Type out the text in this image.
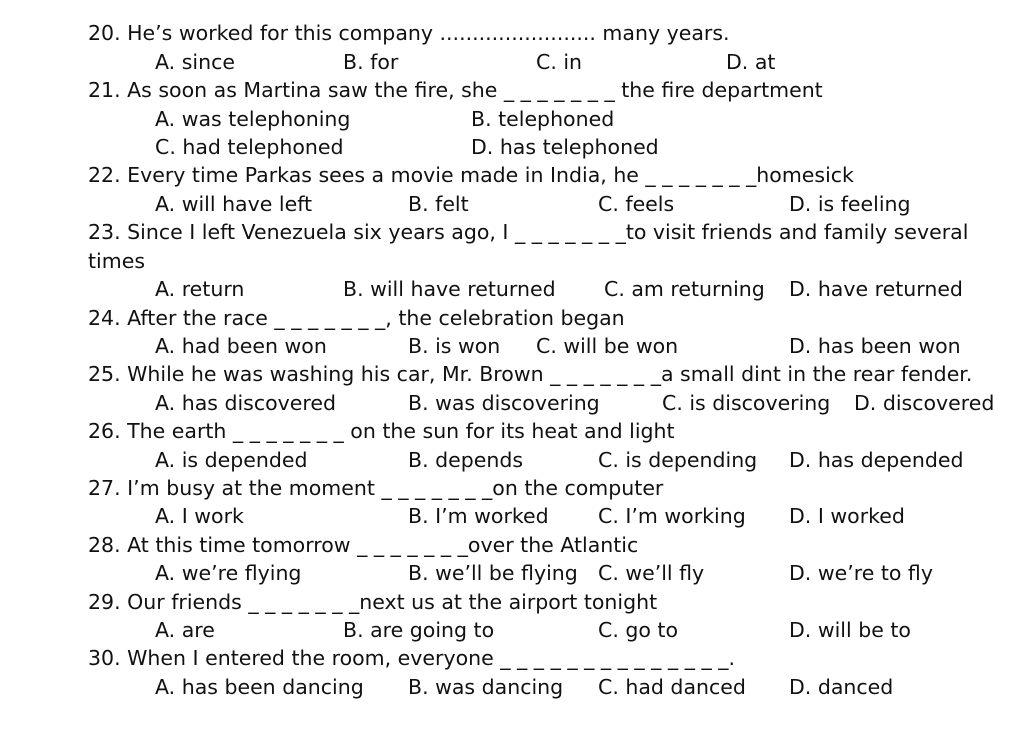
20. He’s worked for this company ........................ many years.
A. since	B. for	C. in	D. at
21. As soon as Martina saw the fire, she _ _ _ _ _ _ _ the fire department
A. was telephoning	B. telephoned
C. had telephoned	D. has telephoned
22. Every time Parkas sees a movie made in India, he _ _ _ _ _ _ _homesick
A. will have left	B. felt	C. feels	D. is feeling
23. Since I left Venezuela six years ago, I _ _ _ _ _ _ _to visit friends and family several
times
A. return	B. will have returned C. am returning D. have returned
24. After the race _ _ _ _ _ _ _, the celebration began
A. had been won	B. is won C. will be won	D. has been won
25. While he was washing his car, Mr. Brown _ _ _ _ _ _ _a small dint in the rear fender.
A. has discovered	B. was discovering	C. is discovering D. discovered
26. The earth _ _ _ _ _ _ _ on the sun for its heat and light
A. is depended	B. depends	C. is depending D. has depended
27. I’m busy at the moment _ _ _ _ _ _ _on the computer
A. I work	B. I’m worked C. I’m working D. I worked
28. At this time tomorrow _ _ _ _ _ _ _over the Atlantic
A. we’re flying	B. we’ll be flying C. we’ll fly	D. we’re to fly
29. Our friends _ _ _ _ _ _ _next us at the airport tonight
A. are	B. are going to	C. go to	D. will be to
30. When I entered the room, everyone _ _ _ _ _ _ _ _ _ _ _ _ _ _.
A. has been dancing B. was dancing C. had danced D. danced
